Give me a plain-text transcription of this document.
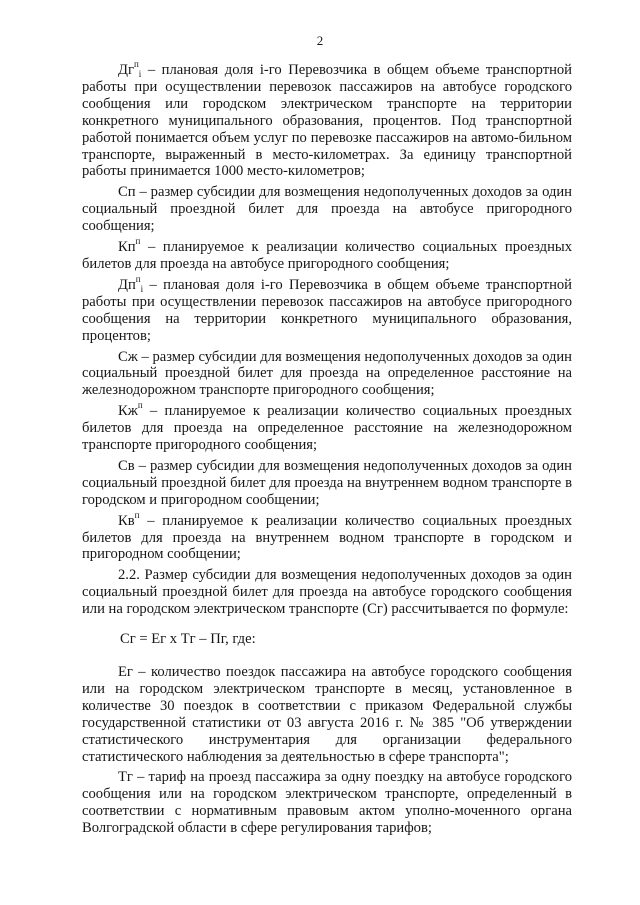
2

$Дг^п_i$ – плановая доля i-го Перевозчика в общем объеме транспортной работы при осуществлении перевозок пассажиров на автобусе городского сообщения или городском электрическом транспорте на территории конкретного муниципального образования, процентов. Под транспортной работой понимается объем услуг по перевозке пассажиров на автомо-бильном транспорте, выраженный в место-километрах. За единицу транспортной работы принимается 1000 место-километров;

Сп – размер субсидии для возмещения недополученных доходов за один социальный проездной билет для проезда на автобусе пригородного сообщения;

$Кп^п$ – планируемое к реализации количество социальных проездных билетов для проезда на автобусе пригородного сообщения;

$Дп^п_i$ – плановая доля i-го Перевозчика в общем объеме транспортной работы при осуществлении перевозок пассажиров на автобусе пригородного сообщения на территории конкретного муниципального образования, процентов;

Сж – размер субсидии для возмещения недополученных доходов за один социальный проездной билет для проезда на определенное расстояние на железнодорожном транспорте пригородного сообщения;

$Кж^п$ – планируемое к реализации количество социальных проездных билетов для проезда на определенное расстояние на железнодорожном транспорте пригородного сообщения;

Св – размер субсидии для возмещения недополученных доходов за один социальный проездной билет для проезда на внутреннем водном транспорте в городском и пригородном сообщении;

$Кв^п$ – планируемое к реализации количество социальных проездных билетов для проезда на внутреннем водном транспорте в городском и пригородном сообщении;

2.2. Размер субсидии для возмещения недополученных доходов за один социальный проездной билет для проезда на автобусе городского сообщения или на городском электрическом транспорте (Сг) рассчитывается по формуле:

Сг = Ег x Тг – Пг, где:

Ег – количество поездок пассажира на автобусе городского сообщения или на городском электрическом транспорте в месяц, установленное в количестве 30 поездок в соответствии с приказом Федеральной службы государственной статистики от 03 августа 2016 г. № 385 "Об утверждении статистического инструментария для организации федерального статистического наблюдения за деятельностью в сфере транспорта";

Тг – тариф на проезд пассажира за одну поездку на автобусе городского сообщения или на городском электрическом транспорте, определенный в соответствии с нормативным правовым актом уполно-моченного органа Волгоградской области в сфере регулирования тарифов;
